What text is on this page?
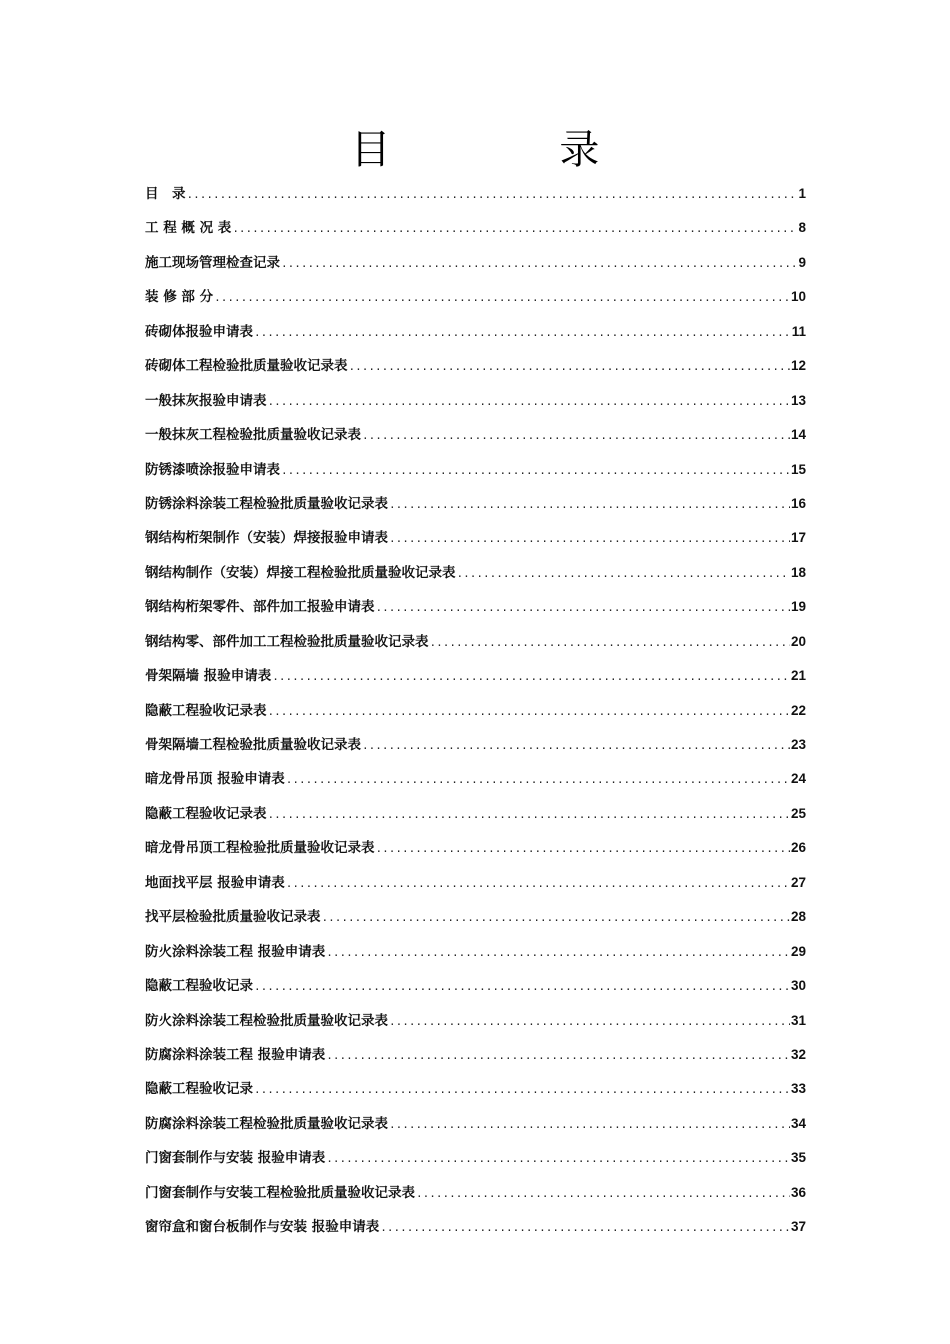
目 录
目　录 .....	1
工 程 概 况 表 .....	8
施工现场管理检查记录 .....	9
装 修 部 分 .....	10
砖砌体报验申请表 .....	11
砖砌体工程检验批质量验收记录表 .....	12
一般抹灰报验申请表 .....	13
一般抹灰工程检验批质量验收记录表 .....	14
防锈漆喷涂报验申请表 .....	15
防锈涂料涂装工程检验批质量验收记录表 .....	16
钢结构桁架制作（安装）焊接报验申请表 .....	17
钢结构制作（安装）焊接工程检验批质量验收记录表 .....	18
钢结构桁架零件、部件加工报验申请表 .....	19
钢结构零、部件加工工程检验批质量验收记录表 .....	20
骨架隔墙 报验申请表 .....	21
隐蔽工程验收记录表 .....	22
骨架隔墙工程检验批质量验收记录表 .....	23
暗龙骨吊顶 报验申请表 .....	24
隐蔽工程验收记录表 .....	25
暗龙骨吊顶工程检验批质量验收记录表 .....	26
地面找平层 报验申请表 .....	27
找平层检验批质量验收记录表 .....	28
防火涂料涂装工程 报验申请表 .....	29
隐蔽工程验收记录 .....	30
防火涂料涂装工程检验批质量验收记录表 .....	31
防腐涂料涂装工程 报验申请表 .....	32
隐蔽工程验收记录 .....	33
防腐涂料涂装工程检验批质量验收记录表 .....	34
门窗套制作与安装 报验申请表 .....	35
门窗套制作与安装工程检验批质量验收记录表 .....	36
窗帘盒和窗台板制作与安装 报验申请表 .....	37
